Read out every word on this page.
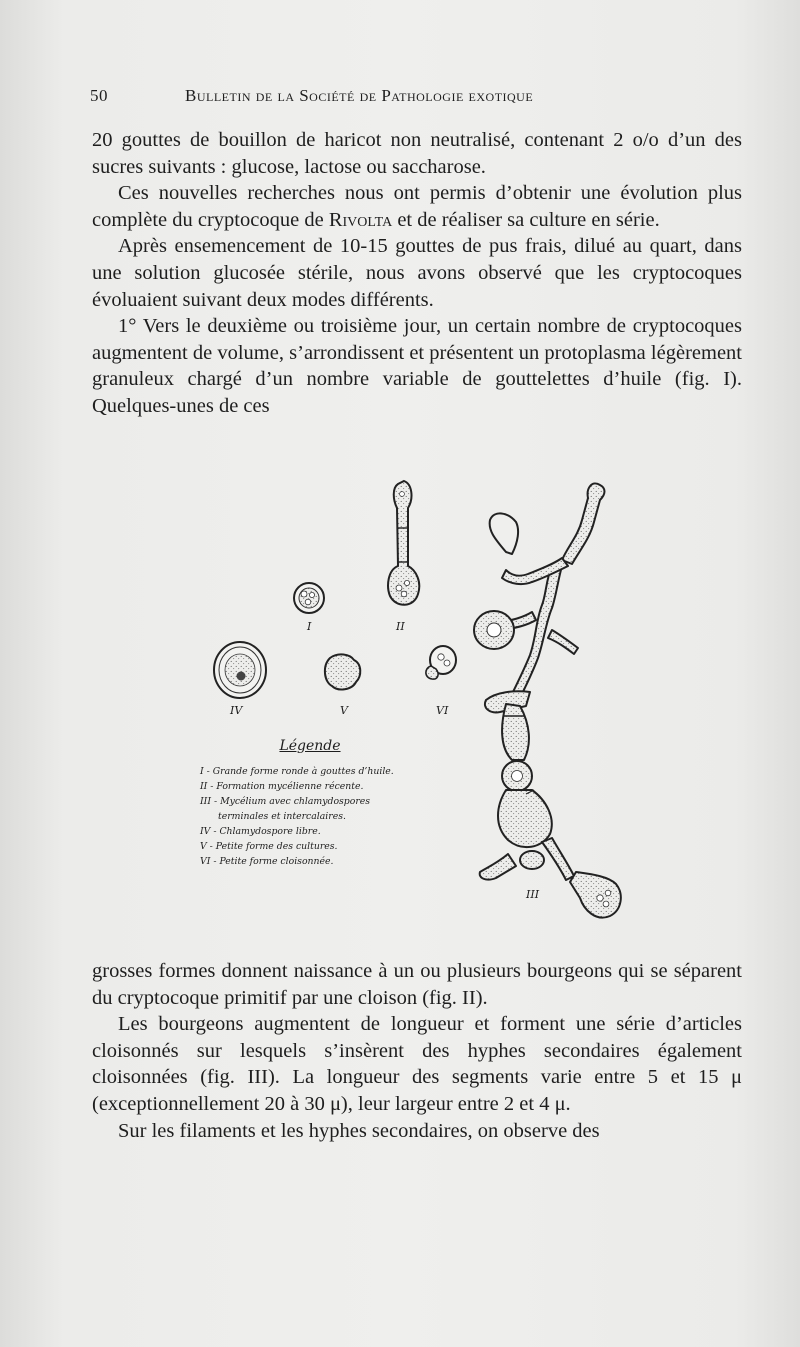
50	Bulletin de la Société de Pathologie exotique

20 gouttes de bouillon de haricot non neutralisé, contenant 2 o/o d’un des sucres suivants : glucose, lactose ou saccharose.

Ces nouvelles recherches nous ont permis d’obtenir une évolution plus complète du cryptocoque de Rivolta et de réaliser sa culture en série.

Après ensemencement de 10-15 gouttes de pus frais, dilué au quart, dans une solution glucosée stérile, nous avons observé que les cryptocoques évoluaient suivant deux modes différents.

1° Vers le deuxième ou troisième jour, un certain nombre de cryptocoques augmentent de volume, s’arrondissent et présentent un protoplasma légèrement granuleux chargé d’un nombre variable de gouttelettes d’huile (fig. I). Quelques-unes de ces

I	II
IV	V	VI
III
Légende
I - Grande forme ronde à gouttes d’huile.
II - Formation mycélienne récente.
III - Mycélium avec chlamydospores
terminales et intercalaires.
IV - Chlamydospore libre.
V - Petite forme des cultures.
VI - Petite forme cloisonnée.

grosses formes donnent naissance à un ou plusieurs bourgeons qui se séparent du cryptocoque primitif par une cloison (fig. II).

Les bourgeons augmentent de longueur et forment une série d’articles cloisonnés sur lesquels s’insèrent des hyphes secondaires également cloisonnées (fig. III). La longueur des segments varie entre 5 et 15 μ (exceptionnellement 20 à 30 μ), leur largeur entre 2 et 4 μ.

Sur les filaments et les hyphes secondaires, on observe des
